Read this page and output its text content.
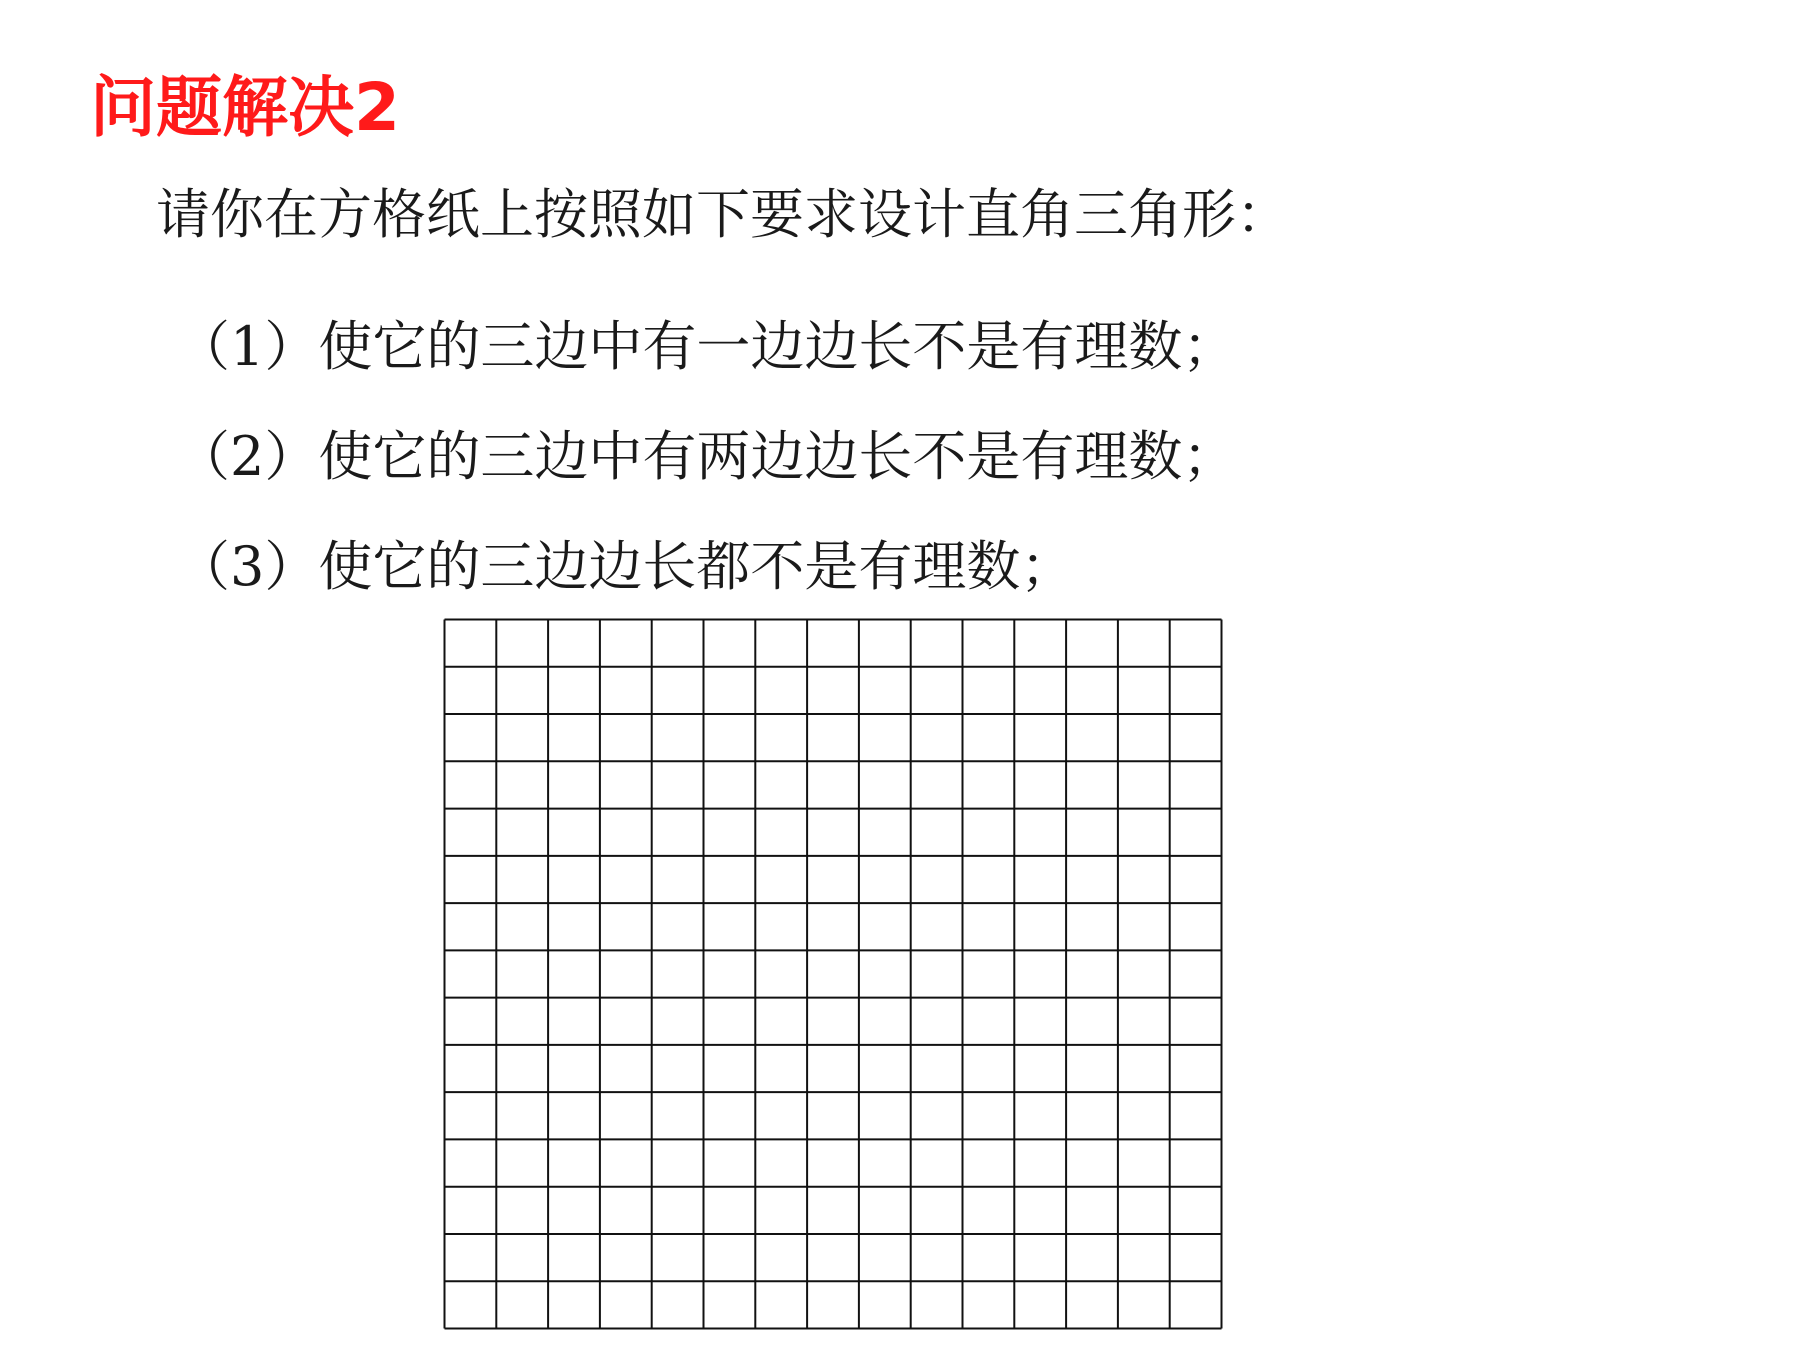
问题解决2
请你在方格纸上按照如下要求设计直角三角形：
（1）使它的三边中有一边边长不是有理数；
（2）使它的三边中有两边边长不是有理数；
（3）使它的三边边长都不是有理数；
